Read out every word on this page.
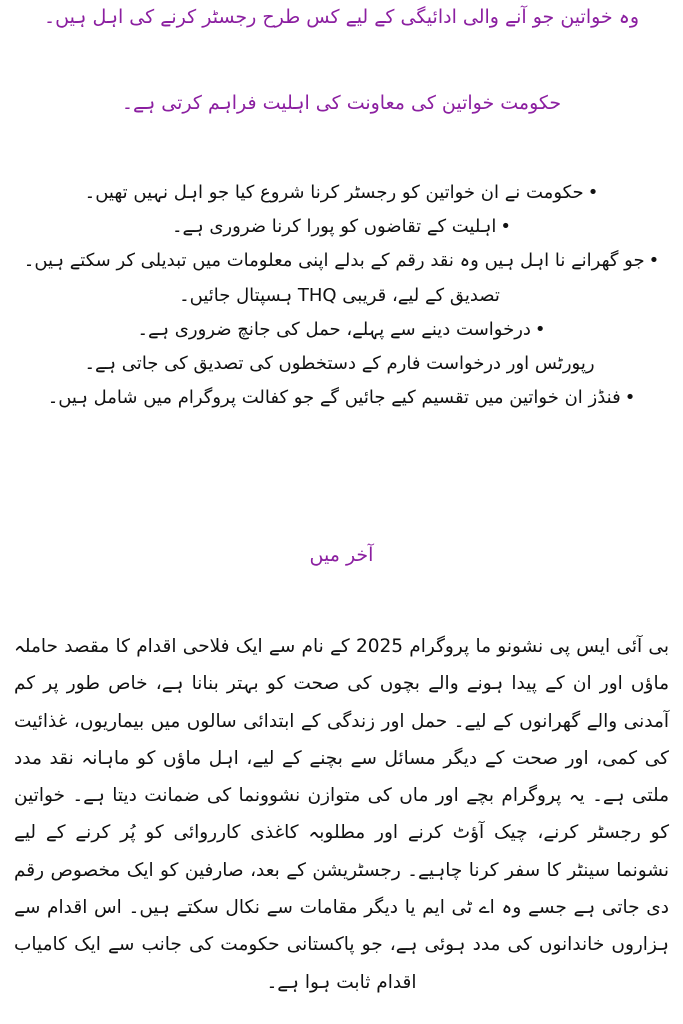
وہ خواتین جو آنے والی ادائیگی کے لیے کس طرح رجسٹر کرنے کی اہل ہیں۔
حکومت خواتین کی معاونت کی اہلیت فراہم کرتی ہے۔
•حکومت نے ان خواتین کو رجسٹر کرنا شروع کیا جو اہل نہیں تھیں۔
•اہلیت کے تقاضوں کو پورا کرنا ضروری ہے۔
•جو گھرانے نا اہل ہیں وہ نقد رقم کے بدلے اپنی معلومات میں تبدیلی کر سکتے ہیں۔
تصدیق کے لیے، قریبی THQ ہسپتال جائیں۔
•درخواست دینے سے پہلے، حمل کی جانچ ضروری ہے۔
رپورٹس اور درخواست فارم کے دستخطوں کی تصدیق کی جاتی ہے۔
•فنڈز ان خواتین میں تقسیم کیے جائیں گے جو کفالت پروگرام میں شامل ہیں۔
آخر میں

بی آئی ایس پی نشونو ما پروگرام 2025 کے نام سے ایک فلاحی اقدام کا مقصد حاملہ ماؤں اور ان کے پیدا ہونے والے بچوں کی صحت کو بہتر بنانا ہے، خاص طور پر کم آمدنی والے گھرانوں کے لیے۔ حمل اور زندگی کے ابتدائی سالوں میں بیماریوں، غذائیت کی کمی، اور صحت کے دیگر مسائل سے بچنے کے لیے، اہل ماؤں کو ماہانہ نقد مدد ملتی ہے۔ یہ پروگرام بچے اور ماں کی متوازن نشوونما کی ضمانت دیتا ہے۔ خواتین کو رجسٹر کرنے، چیک آؤٹ کرنے اور مطلوبہ کاغذی کارروائی کو پُر کرنے کے لیے نشونما سینٹر کا سفر کرنا چاہیے۔ رجسٹریشن کے بعد، صارفین کو ایک مخصوص رقم دی جاتی ہے جسے وہ اے ٹی ایم یا دیگر مقامات سے نکال سکتے ہیں۔ اس اقدام سے ہزاروں خاندانوں کی مدد ہوئی ہے، جو پاکستانی حکومت کی جانب سے ایک کامیاب اقدام ثابت ہوا ہے۔
